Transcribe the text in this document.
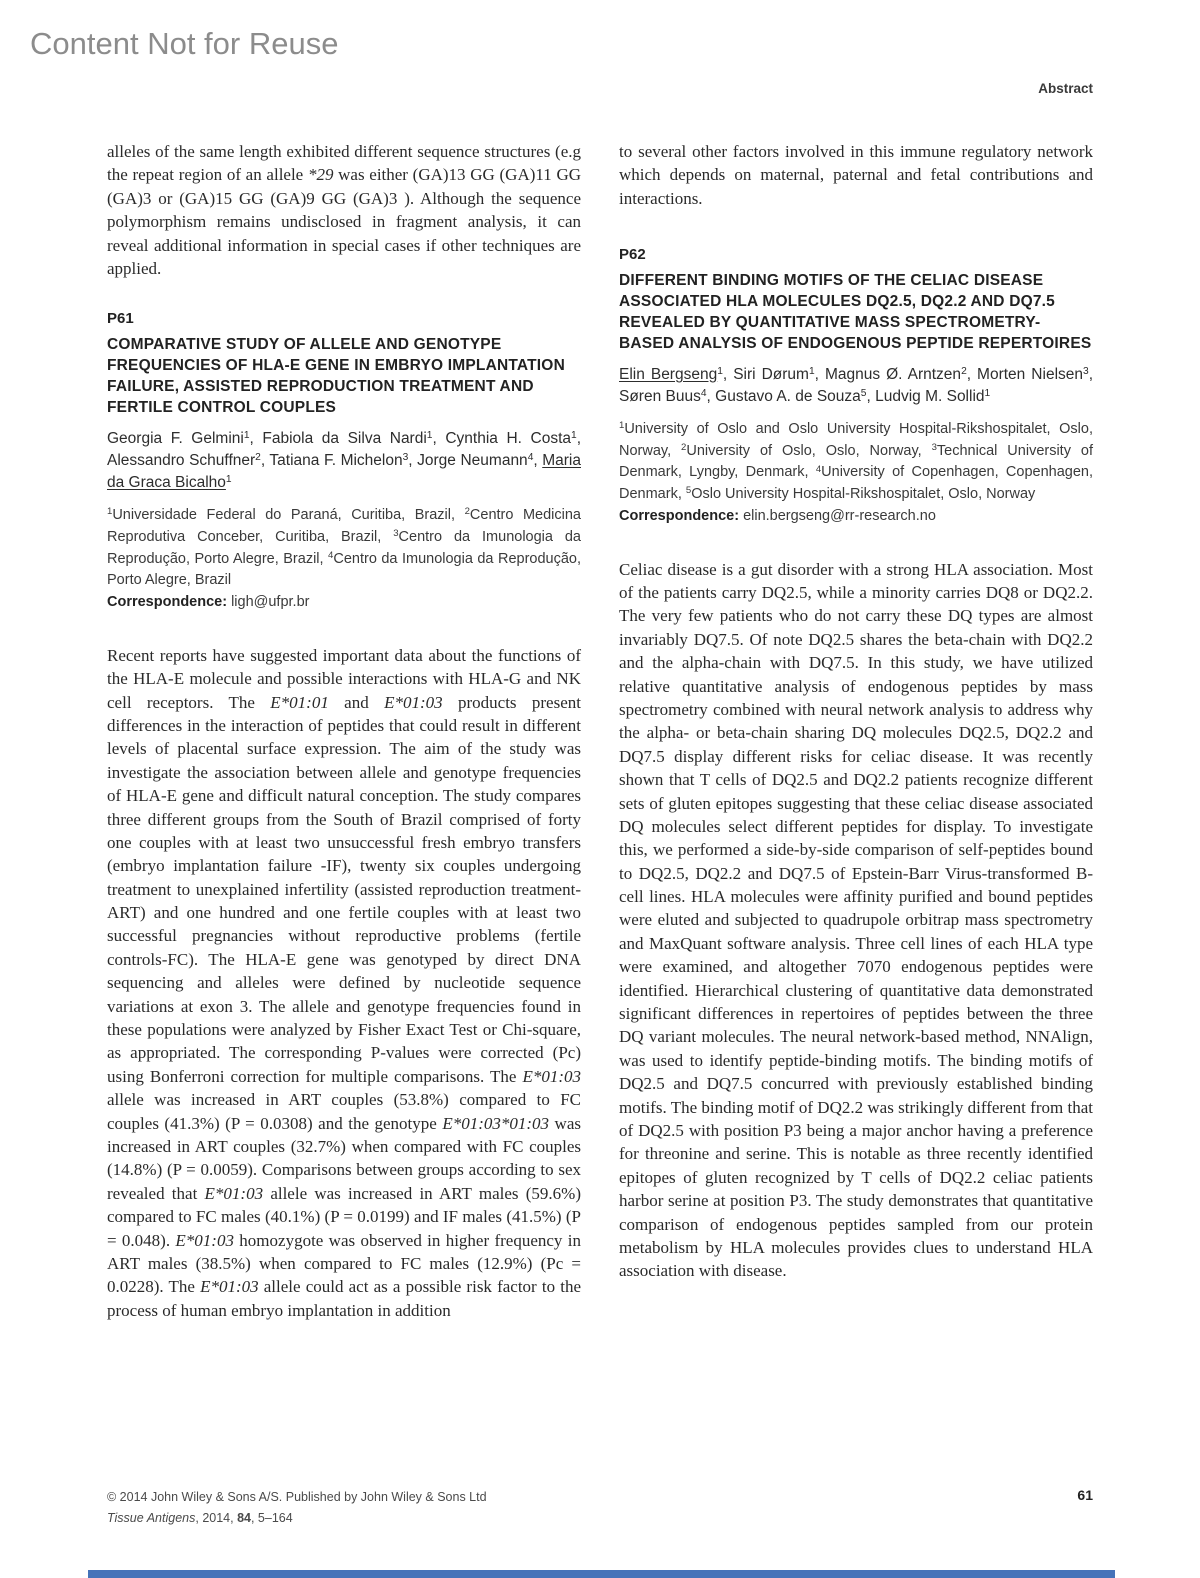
Content Not for Reuse
Abstract

alleles of the same length exhibited different sequence structures (e.g the repeat region of an allele *29 was either (GA)13 GG (GA)11 GG (GA)3 or (GA)15 GG (GA)9 GG (GA)3 ). Although the sequence polymorphism remains undisclosed in fragment analysis, it can reveal additional information in special cases if other techniques are applied.

P61
COMPARATIVE STUDY OF ALLELE AND GENOTYPE FREQUENCIES OF HLA-E GENE IN EMBRYO IMPLANTATION FAILURE, ASSISTED REPRODUCTION TREATMENT AND FERTILE CONTROL COUPLES

Georgia F. Gelmini$^1$, Fabiola da Silva Nardi$^1$, Cynthia H. Costa$^1$, Alessandro Schuffner$^2$, Tatiana F. Michelon$^3$, Jorge Neumann$^4$, Maria da Graca Bicalho$^1$

$^1$Universidade Federal do Paraná, Curitiba, Brazil, $^2$Centro Medicina Reprodutiva Conceber, Curitiba, Brazil, $^3$Centro da Imunologia da Reprodução, Porto Alegre, Brazil, $^4$Centro da Imunologia da Reprodução, Porto Alegre, Brazil

Correspondence: ligh@ufpr.br

Recent reports have suggested important data about the functions of the HLA-E molecule and possible interactions with HLA-G and NK cell receptors. The E*01:01 and E*01:03 products present differences in the interaction of peptides that could result in different levels of placental surface expression. The aim of the study was investigate the association between allele and genotype frequencies of HLA-E gene and difficult natural conception. The study compares three different groups from the South of Brazil comprised of forty one couples with at least two unsuccessful fresh embryo transfers (embryo implantation failure -IF), twenty six couples undergoing treatment to unexplained infertility (assisted reproduction treatment-ART) and one hundred and one fertile couples with at least two successful pregnancies without reproductive problems (fertile controls-FC). The HLA-E gene was genotyped by direct DNA sequencing and alleles were defined by nucleotide sequence variations at exon 3. The allele and genotype frequencies found in these populations were analyzed by Fisher Exact Test or Chi-square, as appropriated. The corresponding P-values were corrected (Pc) using Bonferroni correction for multiple comparisons. The E*01:03 allele was increased in ART couples (53.8%) compared to FC couples (41.3%) (P = 0.0308) and the genotype E*01:03*01:03 was increased in ART couples (32.7%) when compared with FC couples (14.8%) (P = 0.0059). Comparisons between groups according to sex revealed that E*01:03 allele was increased in ART males (59.6%) compared to FC males (40.1%) (P = 0.0199) and IF males (41.5%) (P = 0.048). E*01:03 homozygote was observed in higher frequency in ART males (38.5%) when compared to FC males (12.9%) (Pc = 0.0228). The E*01:03 allele could act as a possible risk factor to the process of human embryo implantation in addition

to several other factors involved in this immune regulatory network which depends on maternal, paternal and fetal contributions and interactions.

P62
DIFFERENT BINDING MOTIFS OF THE CELIAC DISEASE ASSOCIATED HLA MOLECULES DQ2.5, DQ2.2 AND DQ7.5 REVEALED BY QUANTITATIVE MASS SPECTROMETRY-BASED ANALYSIS OF ENDOGENOUS PEPTIDE REPERTOIRES

Elin Bergseng$^1$, Siri Dørum$^1$, Magnus Ø. Arntzen$^2$, Morten Nielsen$^3$, Søren Buus$^4$, Gustavo A. de Souza$^5$, Ludvig M. Sollid$^1$

$^1$University of Oslo and Oslo University Hospital-Rikshospitalet, Oslo, Norway, $^2$University of Oslo, Oslo, Norway, $^3$Technical University of Denmark, Lyngby, Denmark, $^4$University of Copenhagen, Copenhagen, Denmark, $^5$Oslo University Hospital-Rikshospitalet, Oslo, Norway

Correspondence: elin.bergseng@rr-research.no

Celiac disease is a gut disorder with a strong HLA association. Most of the patients carry DQ2.5, while a minority carries DQ8 or DQ2.2. The very few patients who do not carry these DQ types are almost invariably DQ7.5. Of note DQ2.5 shares the beta-chain with DQ2.2 and the alpha-chain with DQ7.5. In this study, we have utilized relative quantitative analysis of endogenous peptides by mass spectrometry combined with neural network analysis to address why the alpha- or beta-chain sharing DQ molecules DQ2.5, DQ2.2 and DQ7.5 display different risks for celiac disease. It was recently shown that T cells of DQ2.5 and DQ2.2 patients recognize different sets of gluten epitopes suggesting that these celiac disease associated DQ molecules select different peptides for display. To investigate this, we performed a side-by-side comparison of self-peptides bound to DQ2.5, DQ2.2 and DQ7.5 of Epstein-Barr Virus-transformed B-cell lines. HLA molecules were affinity purified and bound peptides were eluted and subjected to quadrupole orbitrap mass spectrometry and MaxQuant software analysis. Three cell lines of each HLA type were examined, and altogether 7070 endogenous peptides were identified. Hierarchical clustering of quantitative data demonstrated significant differences in repertoires of peptides between the three DQ variant molecules. The neural network-based method, NNAlign, was used to identify peptide-binding motifs. The binding motifs of DQ2.5 and DQ7.5 concurred with previously established binding motifs. The binding motif of DQ2.2 was strikingly different from that of DQ2.5 with position P3 being a major anchor having a preference for threonine and serine. This is notable as three recently identified epitopes of gluten recognized by T cells of DQ2.2 celiac patients harbor serine at position P3. The study demonstrates that quantitative comparison of endogenous peptides sampled from our protein metabolism by HLA molecules provides clues to understand HLA association with disease.

© 2014 John Wiley & Sons A/S. Published by John Wiley & Sons Ltd
Tissue Antigens, 2014, 84, 5–164
61
